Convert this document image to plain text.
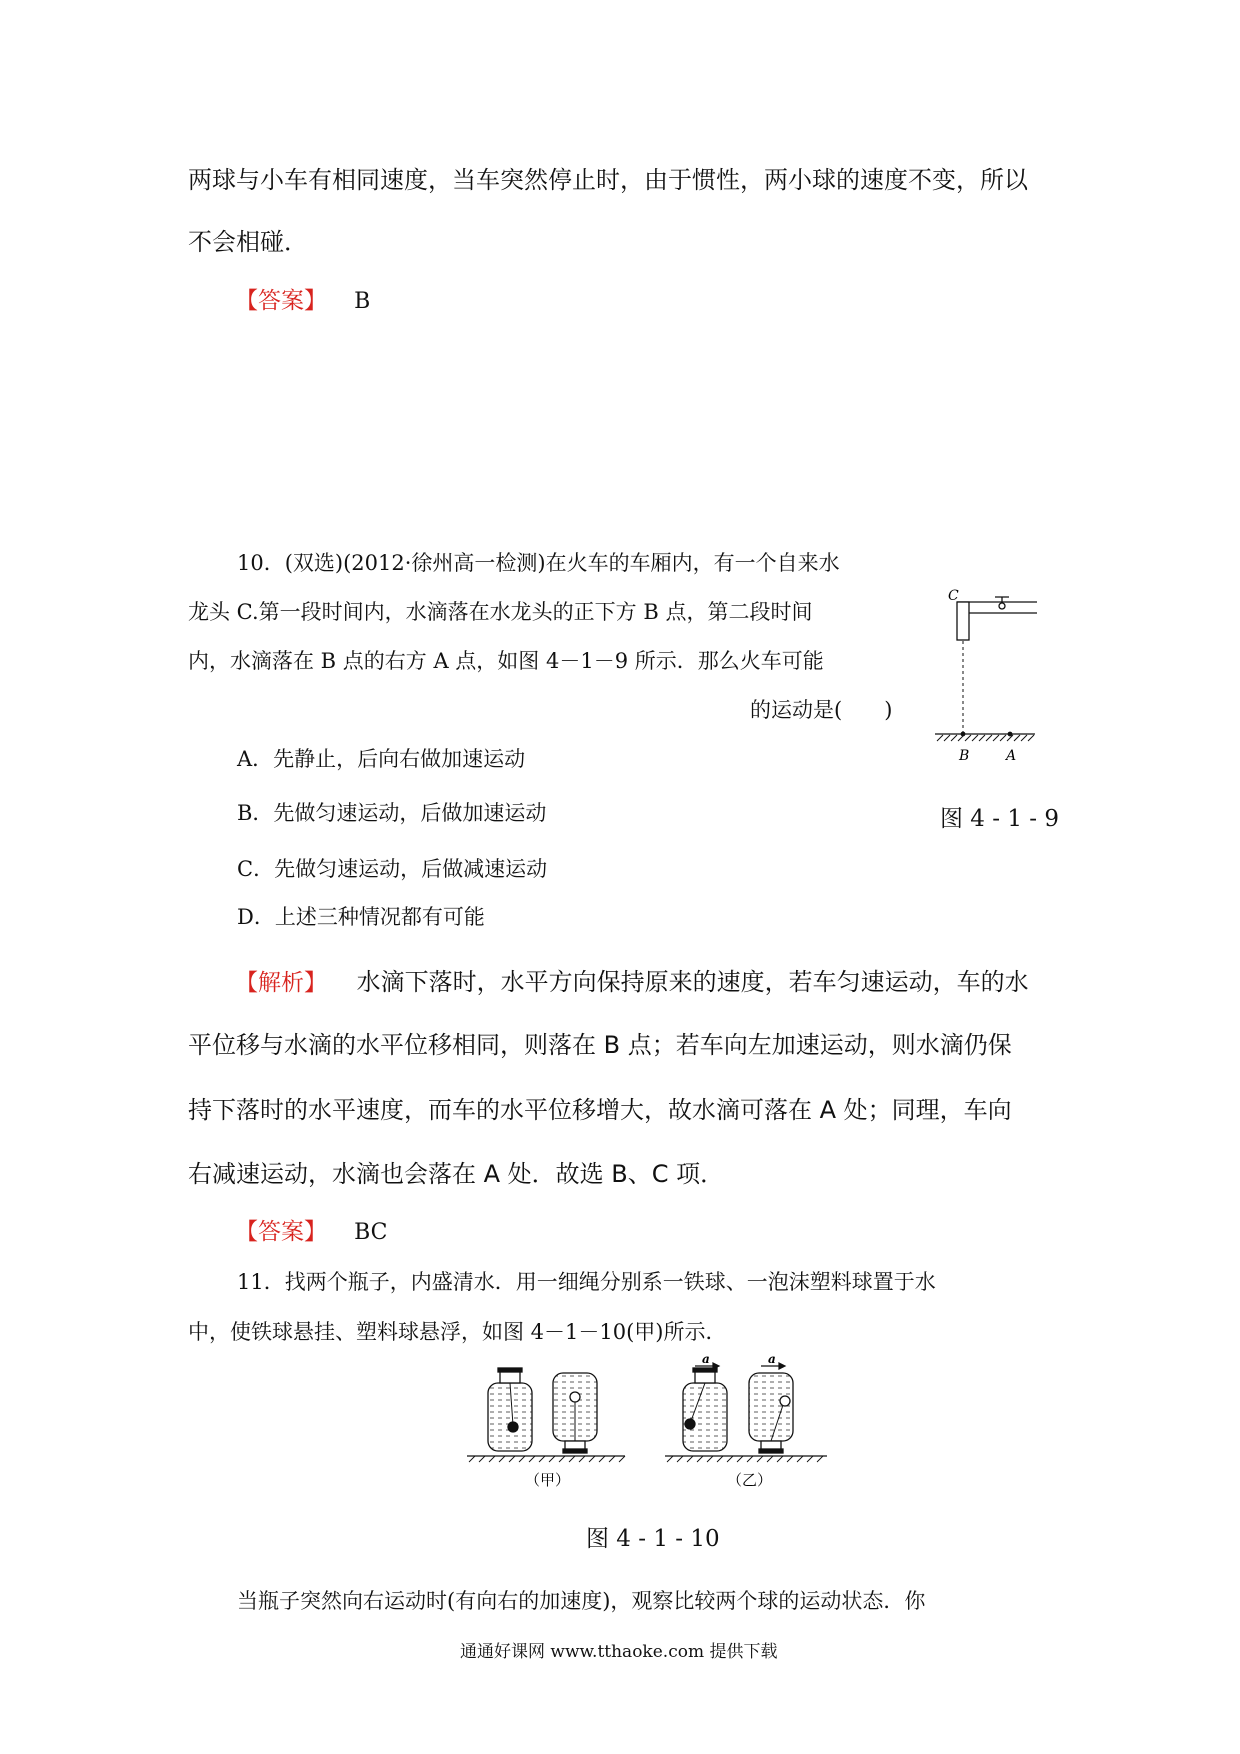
两球与小车有相同速度，当车突然停止时，由于惯性，两小球的速度不变，所以
不会相碰．
【答案】 B
10．(双选)(2012·徐州高一检测)在火车的车厢内，有一个自来水
龙头 C.第一段时间内，水滴落在水龙头的正下方 B 点，第二段时间
内，水滴落在 B 点的右方 A 点，如图 4－1－9 所示．那么火车可能
的运动是(　　)
A．先静止，后向右做加速运动
B．先做匀速运动，后做加速运动
C．先做匀速运动，后做减速运动
D．上述三种情况都有可能
C
B	A
图 4 - 1 - 9
【解析】 水滴下落时，水平方向保持原来的速度，若车匀速运动，车的水
平位移与水滴的水平位移相同，则落在 B 点；若车向左加速运动，则水滴仍保
持下落时的水平速度，而车的水平位移增大，故水滴可落在 A 处；同理，车向
右减速运动，水滴也会落在 A 处．故选 B、C 项．
【答案】 BC
11．找两个瓶子，内盛清水．用一细绳分别系一铁球、一泡沫塑料球置于水
中，使铁球悬挂、塑料球悬浮，如图 4－1－10(甲)所示．
a	a
（甲）	（乙）
图 4 - 1 - 10
当瓶子突然向右运动时(有向右的加速度)，观察比较两个球的运动状态．你
通通好课网 www.tthaoke.com 提供下载
